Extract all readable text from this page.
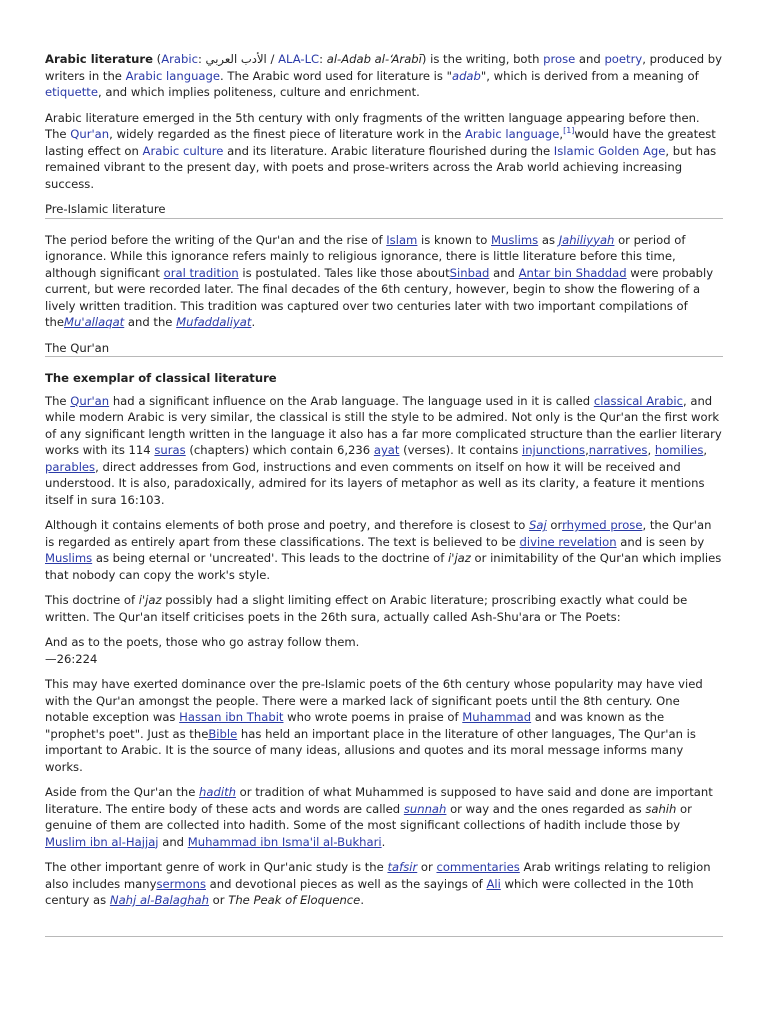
Arabic literature (Arabic: الأدب العربي / ALA-LC: al-Adab al-‘Arabī) is the writing, both prose and poetry, produced by writers in the Arabic language. The Arabic word used for literature is "adab", which is derived from a meaning of etiquette, and which implies politeness, culture and enrichment.

Arabic literature emerged in the 5th century with only fragments of the written language appearing before then. The Qur'an, widely regarded as the finest piece of literature work in the Arabic language,[1]would have the greatest lasting effect on Arabic culture and its literature. Arabic literature flourished during the Islamic Golden Age, but has remained vibrant to the present day, with poets and prose-writers across the Arab world achieving increasing success.

Pre-Islamic literature

The period before the writing of the Qur'an and the rise of Islam is known to Muslims as Jahiliyyah or period of ignorance. While this ignorance refers mainly to religious ignorance, there is little literature before this time, although significant oral tradition is postulated. Tales like those aboutSinbad and Antar bin Shaddad were probably current, but were recorded later. The final decades of the 6th century, however, begin to show the flowering of a lively written tradition. This tradition was captured over two centuries later with two important compilations of theMu'allaqat and the Mufaddaliyat.

The Qur'an
The exemplar of classical literature

The Qur'an had a significant influence on the Arab language. The language used in it is called classical Arabic, and while modern Arabic is very similar, the classical is still the style to be admired. Not only is the Qur'an the first work of any significant length written in the language it also has a far more complicated structure than the earlier literary works with its 114 suras (chapters) which contain 6,236 ayat (verses). It contains injunctions,narratives, homilies, parables, direct addresses from God, instructions and even comments on itself on how it will be received and understood. It is also, paradoxically, admired for its layers of metaphor as well as its clarity, a feature it mentions itself in sura 16:103.

Although it contains elements of both prose and poetry, and therefore is closest to Saj orrhymed prose, the Qur'an is regarded as entirely apart from these classifications. The text is believed to be divine revelation and is seen by Muslims as being eternal or 'uncreated'. This leads to the doctrine of i'jaz or inimitability of the Qur'an which implies that nobody can copy the work's style.

This doctrine of i'jaz possibly had a slight limiting effect on Arabic literature; proscribing exactly what could be written. The Qur'an itself criticises poets in the 26th sura, actually called Ash-Shu'ara or The Poets:

And as to the poets, those who go astray follow them.
—26:224

This may have exerted dominance over the pre-Islamic poets of the 6th century whose popularity may have vied with the Qur'an amongst the people. There were a marked lack of significant poets until the 8th century. One notable exception was Hassan ibn Thabit who wrote poems in praise of Muhammad and was known as the "prophet's poet". Just as theBible has held an important place in the literature of other languages, The Qur'an is important to Arabic. It is the source of many ideas, allusions and quotes and its moral message informs many works.

Aside from the Qur'an the hadith or tradition of what Muhammed is supposed to have said and done are important literature. The entire body of these acts and words are called sunnah or way and the ones regarded as sahih or genuine of them are collected into hadith. Some of the most significant collections of hadith include those by Muslim ibn al-Hajjaj and Muhammad ibn Isma'il al-Bukhari.

The other important genre of work in Qur'anic study is the tafsir or commentaries Arab writings relating to religion also includes manysermons and devotional pieces as well as the sayings of Ali which were collected in the 10th century as Nahj al-Balaghah or The Peak of Eloquence.
